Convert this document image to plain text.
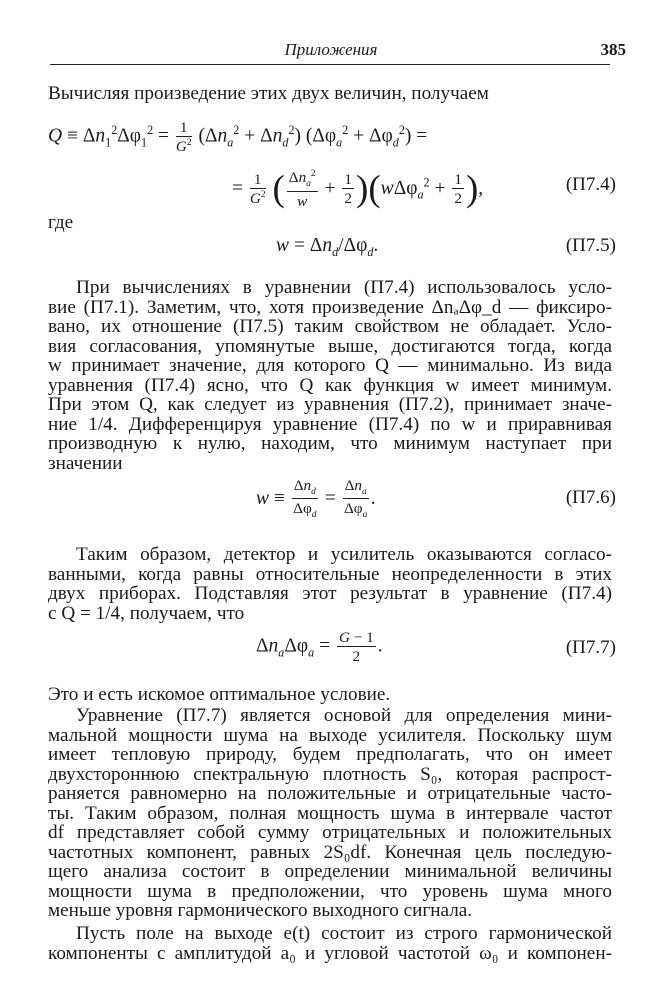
Приложения	385
Вычисляя произведение этих двух величин, получаем
$Q \equiv \Delta n_1^2\Delta\varphi_1^2 = \frac{1}{G^2} (\Delta n_a^2 + \Delta n_d^2) (\Delta\varphi_a^2 + \Delta\varphi_d^2)$ =
= $\frac{1}{G^2}$ ( $\frac{\Delta n_a^2}{w} + \frac{1}{2} )(w\Delta\varphi_a^2 + \frac{1}{2}$ ),	(П7.4)
где
$w = \Delta n_d/\Delta\varphi_d$.	(П7.5)
При вычислениях в уравнении (П7.4) использовалось усло-
вие (П7.1). Заметим, что, хотя произведение ΔnₐΔφ_d — фиксиро-
вано, их отношение (П7.5) таким свойством не обладает. Усло-
вия согласования, упомянутые выше, достигаются тогда, когда
w принимает значение, для которого Q — минимально. Из вида
уравнения (П7.4) ясно, что Q как функция w имеет минимум.
При этом Q, как следует из уравнения (П7.2), принимает значе-
ние 1/4. Дифференцируя уравнение (П7.4) по w и приравнивая
производную к нулю, находим, что минимум наступает при
значении
$w \equiv \frac{\Delta n_d}{\Delta\varphi_d} = \frac{\Delta n_a}{\Delta\varphi_a}$ .	(П7.6)
Таким образом, детектор и усилитель оказываются согласо-
ванными, когда равны относительные неопределенности в этих
двух приборах. Подставляя этот результат в уравнение (П7.4)
с Q = 1/4, получаем, что
$\Delta n_a\Delta\varphi_a = \frac{G - 1}{2}$ .	(П7.7)
Это и есть искомое оптимальное условие.
Уравнение (П7.7) является основой для определения мини-
мальной мощности шума на выходе усилителя. Поскольку шум
имеет тепловую природу, будем предполагать, что он имеет
двухстороннюю спектральную плотность S₀, которая распрост-
раняется равномерно на положительные и отрицательные часто-
ты. Таким образом, полная мощность шума в интервале частот
df представляет собой сумму отрицательных и положительных
частотных компонент, равных 2S₀df. Конечная цель последую-
щего анализа состоит в определении минимальной величины
мощности шума в предположении, что уровень шума много
меньше уровня гармонического выходного сигнала.
Пусть поле на выходе e(t) состоит из строго гармонической
компоненты с амплитудой a₀ и угловой частотой ω₀ и компонен-
